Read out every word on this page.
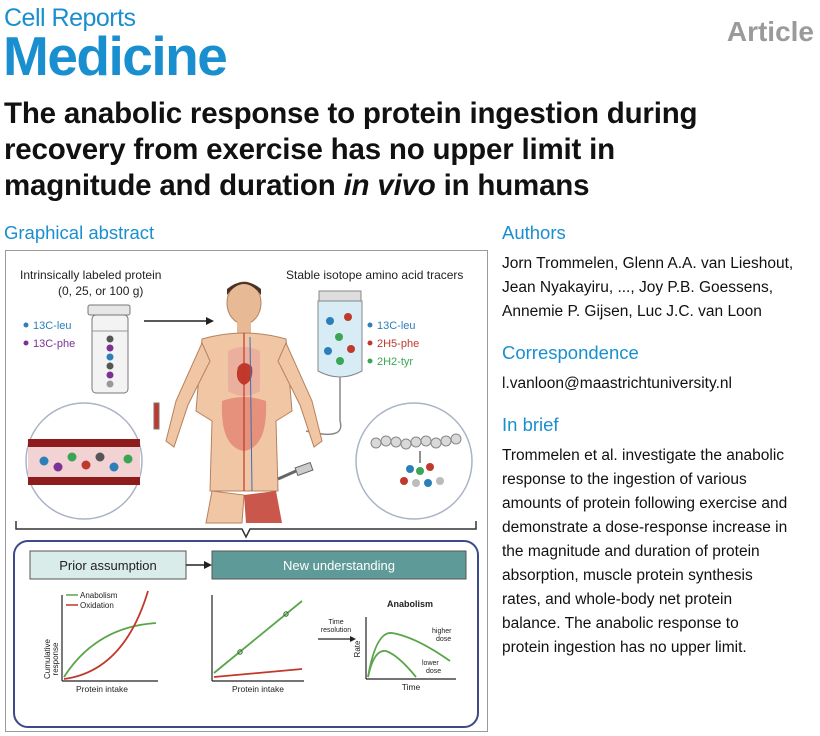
Cell Reports
Medicine	Article
The anabolic response to protein ingestion during
recovery from exercise has no upper limit in
magnitude and duration in vivo in humans
Graphical abstract
Intrinsically labeled protein
(0, 25, or 100 g)
13C-leu
13C-phe
Stable isotope amino acid tracers
13C-leu
2H5-phe
2H2-tyr
Prior assumption	New understanding
Anabolism
Oxidation
Cumulative response
Protein intake	Protein intake
Time
resolution
Anabolism
Rate
Time
higher
dose
lower
dose
Authors

Jorn Trommelen, Glenn A.A. van Lieshout,

Jean Nyakayiru, ..., Joy P.B. Goessens,

Annemie P. Gijsen, Luc J.C. van Loon

Correspondence

l.vanloon@maastrichtuniversity.nl

In brief

Trommelen et al. investigate the anabolic

response to the ingestion of various

amounts of protein following exercise and

demonstrate a dose-response increase in

the magnitude and duration of protein

absorption, muscle protein synthesis

rates, and whole-body net protein

balance. The anabolic response to

protein ingestion has no upper limit.
